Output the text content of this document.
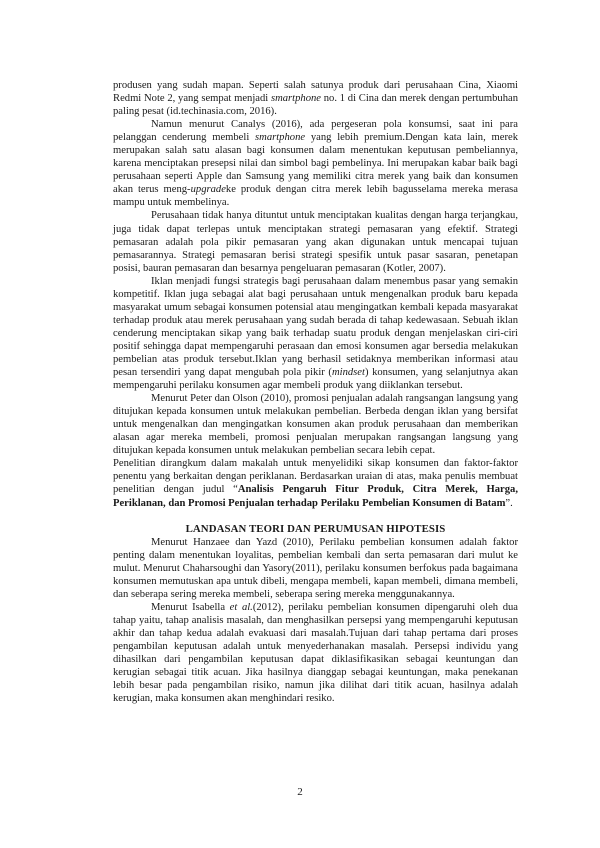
produsen yang sudah mapan. Seperti salah satunya produk dari perusahaan Cina, Xiaomi Redmi Note 2, yang sempat menjadi smartphone no. 1 di Cina dan merek dengan pertumbuhan paling pesat (id.techinasia.com, 2016).

Namun menurut Canalys (2016), ada pergeseran pola konsumsi, saat ini para pelanggan cenderung membeli smartphone yang lebih premium.Dengan kata lain, merek merupakan salah satu alasan bagi konsumen dalam menentukan keputusan pembeliannya, karena menciptakan presepsi nilai dan simbol bagi pembelinya. Ini merupakan kabar baik bagi perusahaan seperti Apple dan Samsung yang memiliki citra merek yang baik dan konsumen akan terus meng-upgradeke produk dengan citra merek lebih bagusselama mereka merasa mampu untuk membelinya.

Perusahaan tidak hanya dituntut untuk menciptakan kualitas dengan harga terjangkau, juga tidak dapat terlepas untuk menciptakan strategi pemasaran yang efektif. Strategi pemasaran adalah pola pikir pemasaran yang akan digunakan untuk mencapai tujuan pemasarannya. Strategi pemasaran berisi strategi spesifik untuk pasar sasaran, penetapan posisi, bauran pemasaran dan besarnya pengeluaran pemasaran (Kotler, 2007).

Iklan menjadi fungsi strategis bagi perusahaan dalam menembus pasar yang semakin kompetitif. Iklan juga sebagai alat bagi perusahaan untuk mengenalkan produk baru kepada masyarakat umum sebagai konsumen potensial atau mengingatkan kembali kepada masyarakat terhadap produk atau merek perusahaan yang sudah berada di tahap kedewasaan. Sebuah iklan cenderung menciptakan sikap yang baik terhadap suatu produk dengan menjelaskan ciri-ciri positif sehingga dapat mempengaruhi perasaan dan emosi konsumen agar bersedia melakukan pembelian atas produk tersebut.Iklan yang berhasil setidaknya memberikan informasi atau pesan tersendiri yang dapat mengubah pola pikir (mindset) konsumen, yang selanjutnya akan mempengaruhi perilaku konsumen agar membeli produk yang diiklankan tersebut.

Menurut Peter dan Olson (2010), promosi penjualan adalah rangsangan langsung yang ditujukan kepada konsumen untuk melakukan pembelian. Berbeda dengan iklan yang bersifat untuk mengenalkan dan mengingatkan konsumen akan produk perusahaan dan memberikan alasan agar mereka membeli, promosi penjualan merupakan rangsangan langsung yang ditujukan kepada konsumen untuk melakukan pembelian secara lebih cepat.

Penelitian dirangkum dalam makalah untuk menyelidiki sikap konsumen dan faktor-faktor penentu yang berkaitan dengan periklanan. Berdasarkan uraian di atas, maka penulis membuat penelitian dengan judul “Analisis Pengaruh Fitur Produk, Citra Merek, Harga, Periklanan, dan Promosi Penjualan terhadap Perilaku Pembelian Konsumen di Batam”.

LANDASAN TEORI DAN PERUMUSAN HIPOTESIS

Menurut Hanzaee dan Yazd (2010), Perilaku pembelian konsumen adalah faktor penting dalam menentukan loyalitas, pembelian kembali dan serta pemasaran dari mulut ke mulut. Menurut Chaharsoughi dan Yasory(2011), perilaku konsumen berfokus pada bagaimana konsumen memutuskan apa untuk dibeli, mengapa membeli, kapan membeli, dimana membeli, dan seberapa sering mereka membeli, seberapa sering mereka menggunakannya.

Menurut Isabella et al.(2012), perilaku pembelian konsumen dipengaruhi oleh dua tahap yaitu, tahap analisis masalah, dan menghasilkan persepsi yang mempengaruhi keputusan akhir dan tahap kedua adalah evakuasi dari masalah.Tujuan dari tahap pertama dari proses pengambilan keputusan adalah untuk menyederhanakan masalah. Persepsi individu yang dihasilkan dari pengambilan keputusan dapat diklasifikasikan sebagai keuntungan dan kerugian sebagai titik acuan. Jika hasilnya dianggap sebagai keuntungan, maka penekanan lebih besar pada pengambilan risiko, namun jika dilihat dari titik acuan, hasilnya adalah kerugian, maka konsumen akan menghindari resiko.

2
